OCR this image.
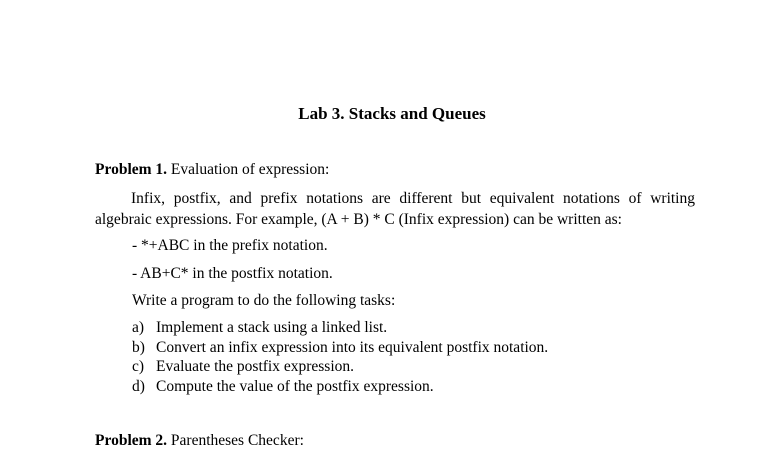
Lab 3. Stacks and Queues
Problem 1. Evaluation of expression:
Infix, postfix, and prefix notations are different but equivalent notations of writing algebraic expressions. For example, (A + B) * C (Infix expression) can be written as:
- *+ABC in the prefix notation.
- AB+C* in the postfix notation.
Write a program to do the following tasks:
a) Implement a stack using a linked list.
b) Convert an infix expression into its equivalent postfix notation.
c) Evaluate the postfix expression.
d) Compute the value of the postfix expression.
Problem 2. Parentheses Checker:
